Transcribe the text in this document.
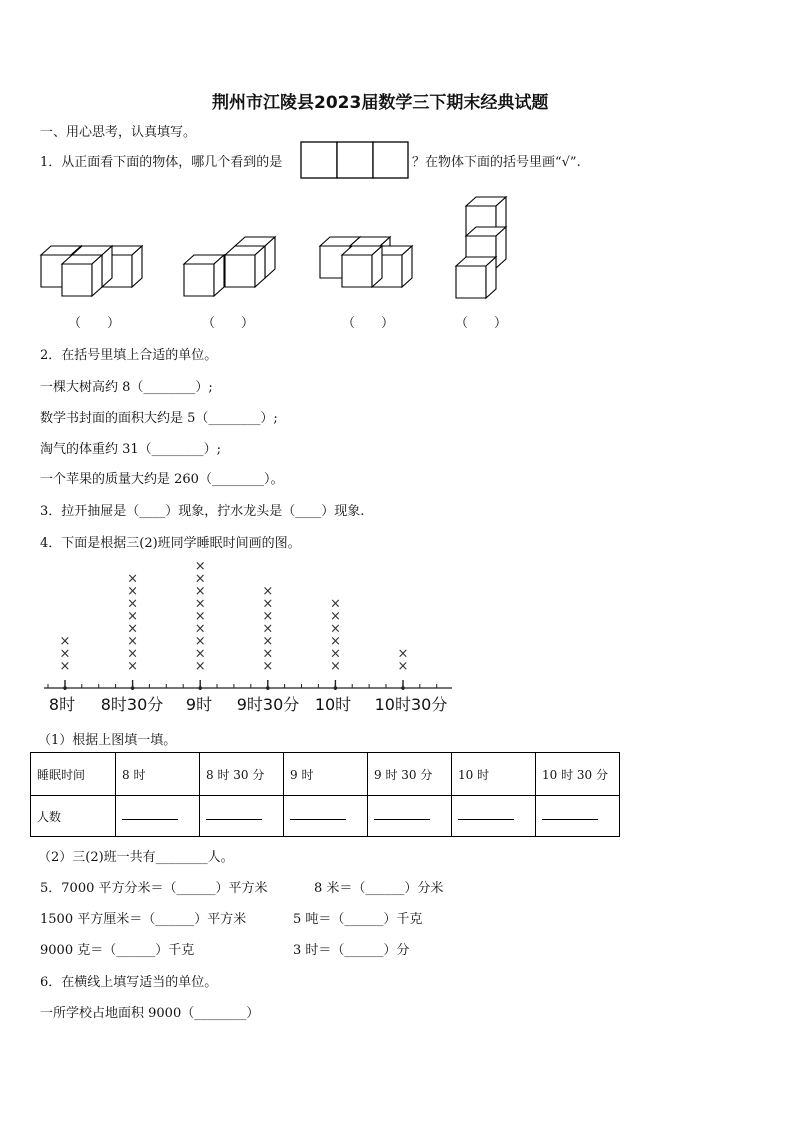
荆州市江陵县2023届数学三下期末经典试题
一、用心思考，认真填写。
1．从正面看下面的物体，哪几个看到的是	？在物体下面的括号里画“√”.
（　　）	（　　）	（　　）	（　　）
2．在括号里填上合适的单位。
一棵大树高约 8（________）;
数学书封面的面积大约是 5（________）;
淘气的体重约 31（________）;
一个苹果的质量大约是 260（________）。
3．拉开抽屉是（____）现象，拧水龙头是（____）现象.
4．下面是根据三(2)班同学睡眠时间画的图。
×
×
×
×
×
×
×
×
×
×
×
×
×
×
×
×
×
×
×
×
×
×
×
×
×
×
×
×
×
×
×
×
×
×
×
8时 8时30分 9时 9时30分 10时 10时30分
（1）根据上图填一填。
睡眠时间	8 时	8 时 30 分	9 时	9 时 30 分	10 时	10 时 30 分
人数						
（2）三(2)班一共有________人。
5．7000 平方分米＝（______）平方米
1500 平方厘米＝（______）平方米
9000 克＝（______）千克
8 米＝（______）分米
5 吨＝（______）千克
3 时＝（______）分
6．在横线上填写适当的单位。
一所学校占地面积 9000（________）
